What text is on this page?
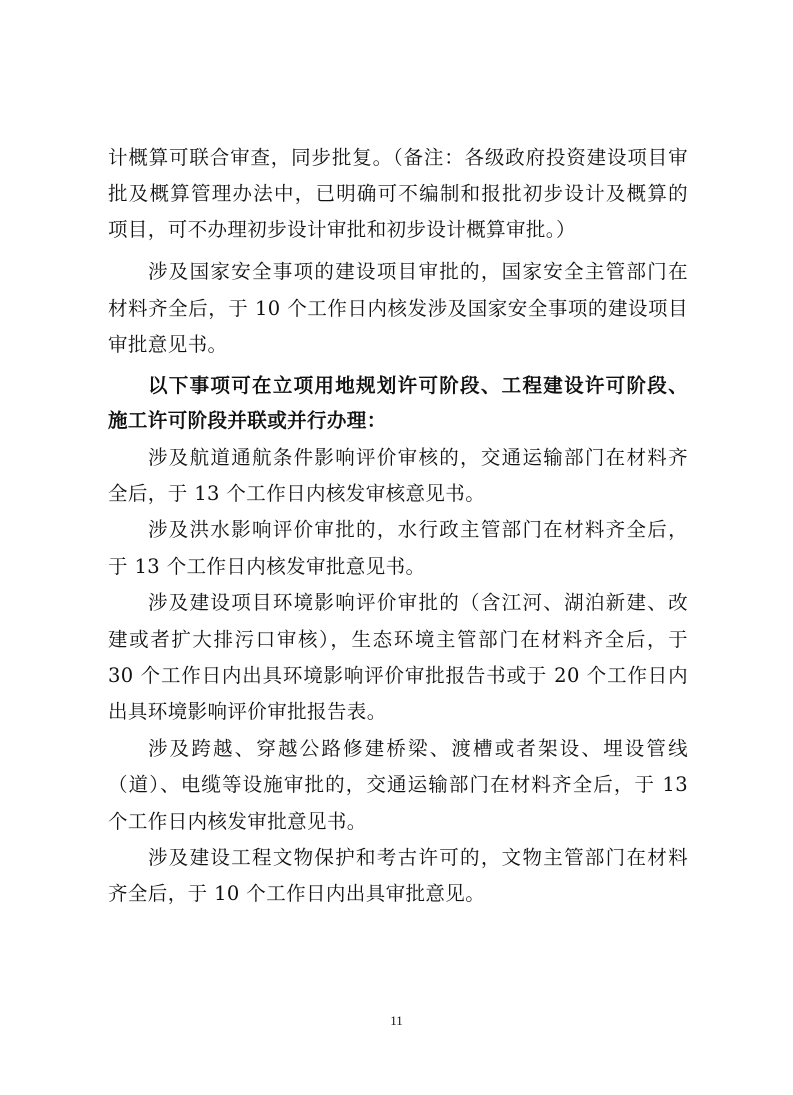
计概算可联合审查，同步批复。（备注：各级政府投资建设项目审
批及概算管理办法中，已明确可不编制和报批初步设计及概算的
项目，可不办理初步设计审批和初步设计概算审批。）
涉及国家安全事项的建设项目审批的，国家安全主管部门在
材料齐全后，于 10 个工作日内核发涉及国家安全事项的建设项目
审批意见书。
以下事项可在立项用地规划许可阶段、工程建设许可阶段、
施工许可阶段并联或并行办理：
涉及航道通航条件影响评价审核的，交通运输部门在材料齐
全后，于 13 个工作日内核发审核意见书。
涉及洪水影响评价审批的，水行政主管部门在材料齐全后，
于 13 个工作日内核发审批意见书。
涉及建设项目环境影响评价审批的（含江河、湖泊新建、改
建或者扩大排污口审核），生态环境主管部门在材料齐全后，于
30 个工作日内出具环境影响评价审批报告书或于 20 个工作日内
出具环境影响评价审批报告表。
涉及跨越、穿越公路修建桥梁、渡槽或者架设、埋设管线
（道）、电缆等设施审批的，交通运输部门在材料齐全后，于 13
个工作日内核发审批意见书。
涉及建设工程文物保护和考古许可的，文物主管部门在材料
齐全后，于 10 个工作日内出具审批意见。
11
